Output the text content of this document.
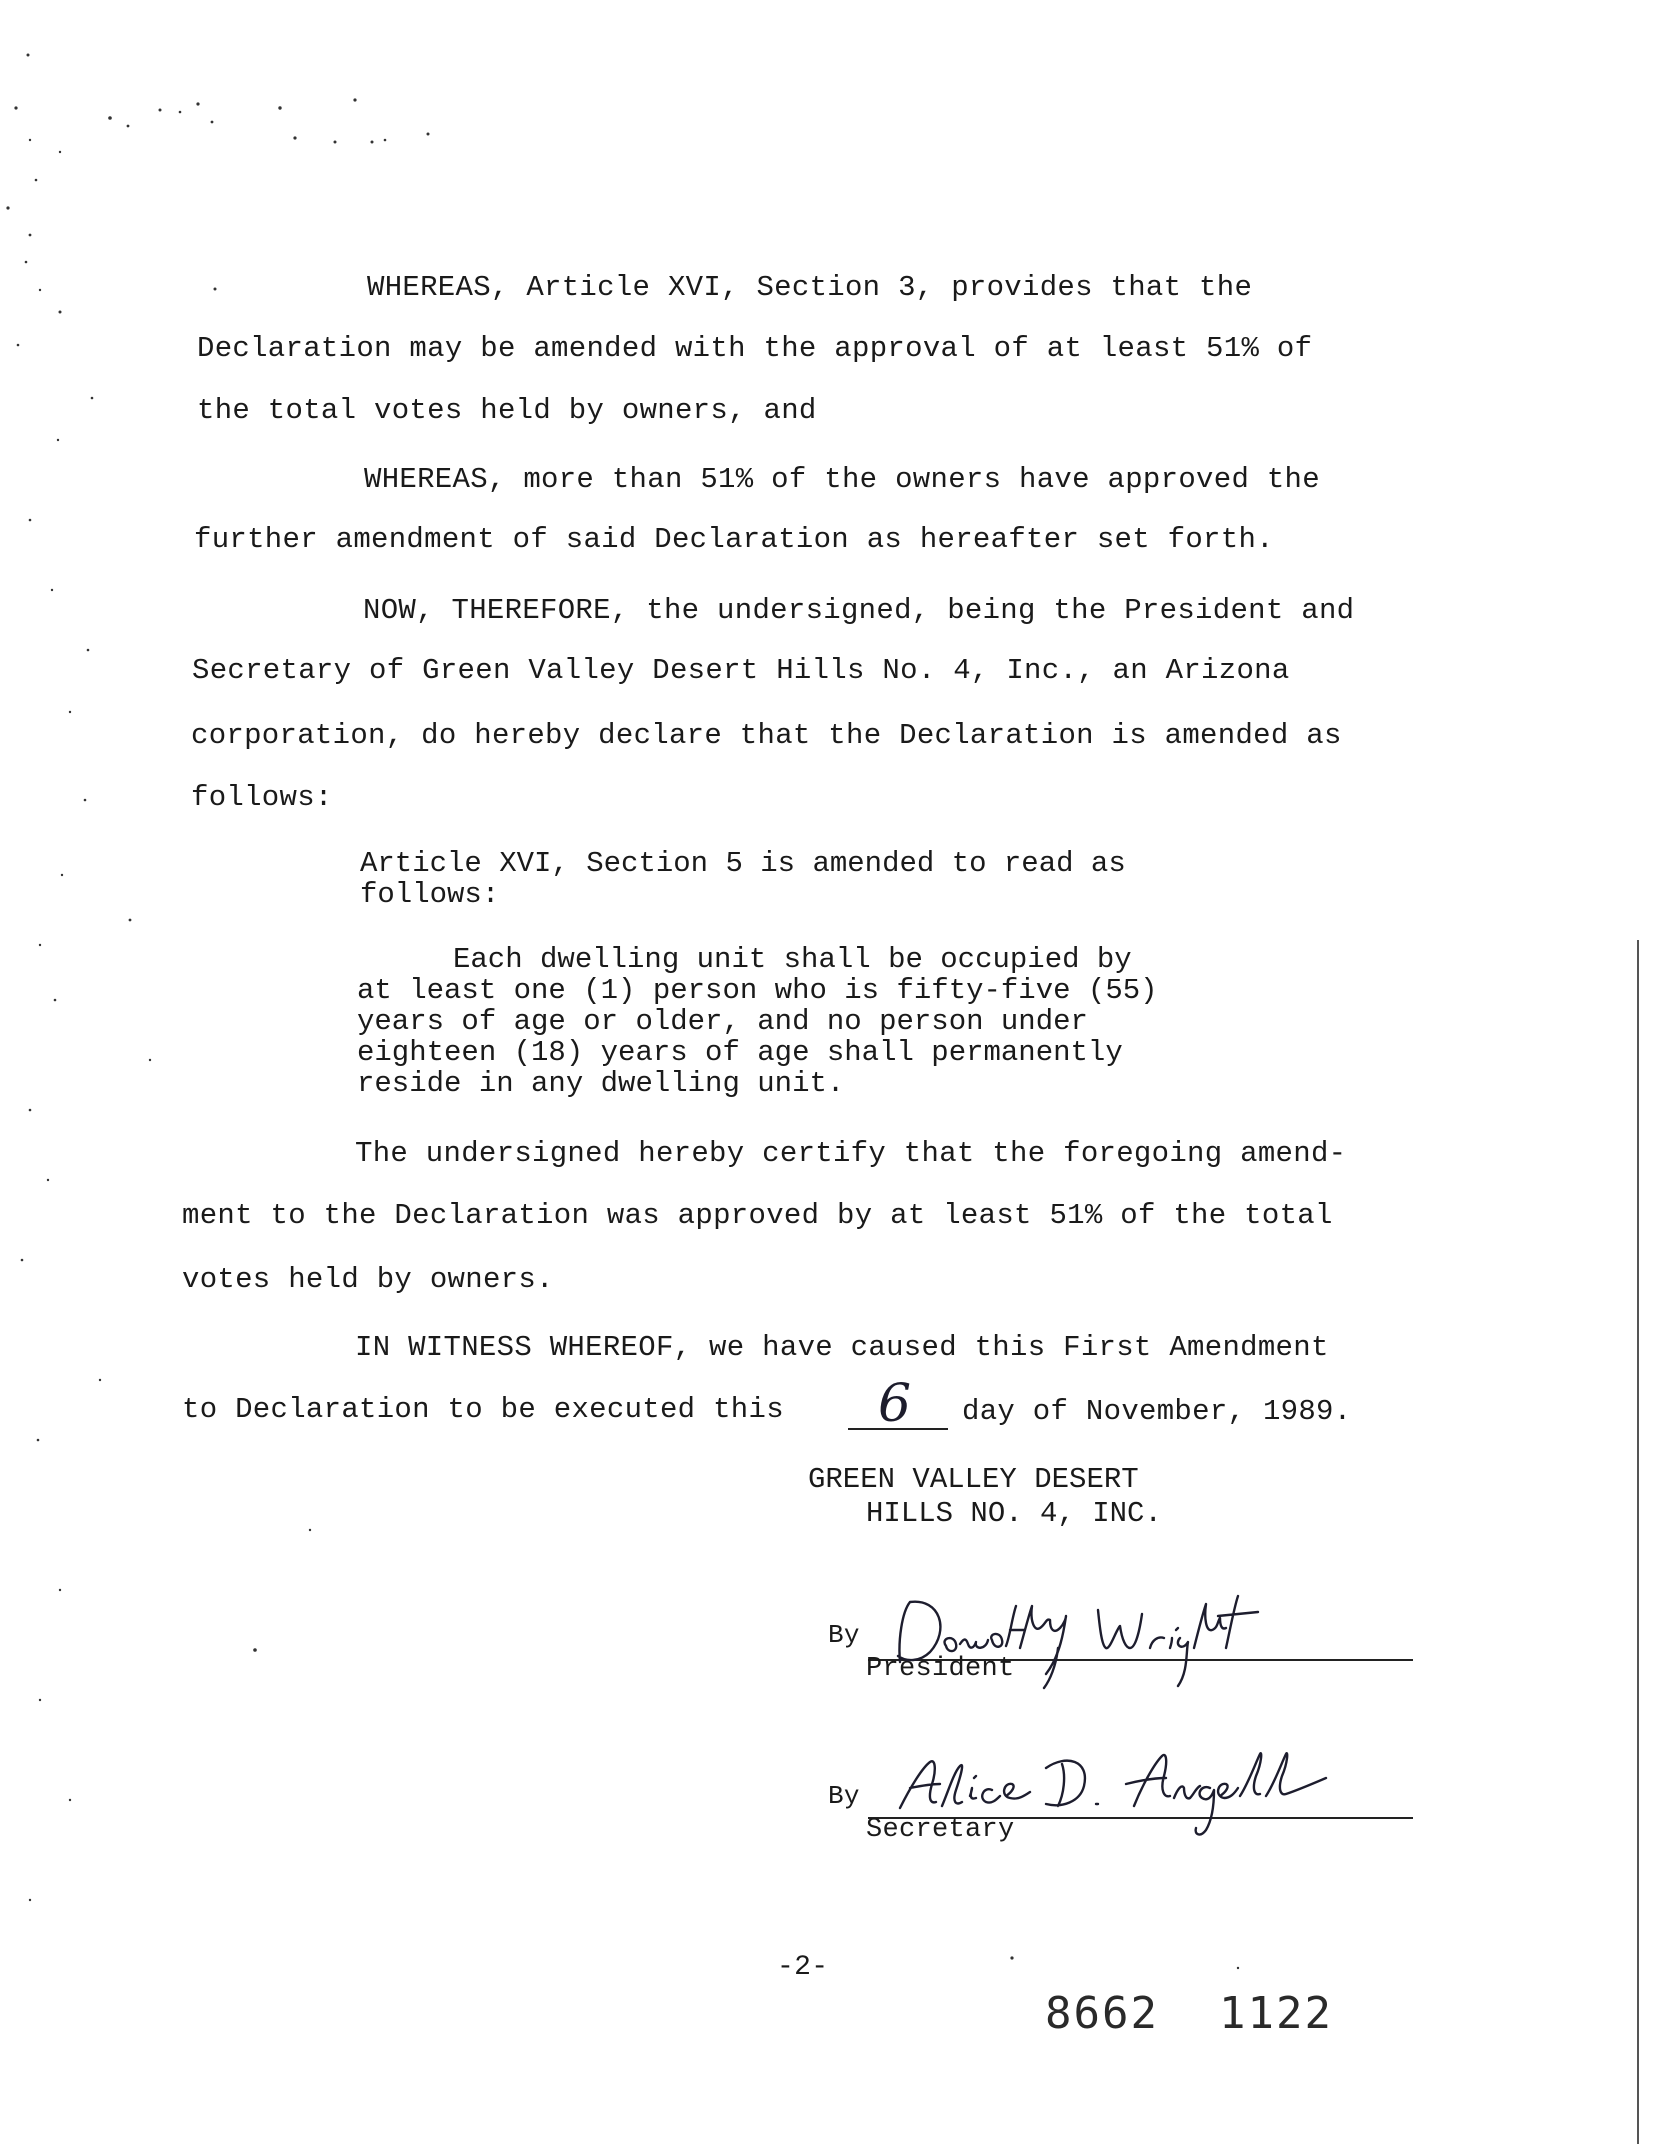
WHEREAS, Article XVI, Section 3, provides that the
Declaration may be amended with the approval of at least 51% of
the total votes held by owners, and
WHEREAS, more than 51% of the owners have approved the
further amendment of said Declaration as hereafter set forth.
NOW, THEREFORE, the undersigned, being the President and
Secretary of Green Valley Desert Hills No. 4, Inc., an Arizona
corporation, do hereby declare that the Declaration is amended as
follows:
Article XVI, Section 5 is amended to read as
follows:
Each dwelling unit shall be occupied by
at least one (1) person who is fifty-five (55)
years of age or older, and no person under
eighteen (18) years of age shall permanently
reside in any dwelling unit.
The undersigned hereby certify that the foregoing amend-
ment to the Declaration was approved by at least 51% of the total
votes held by owners.
IN WITNESS WHEREOF, we have caused this First Amendment
to Declaration to be executed this 6 day of November, 1989.
GREEN VALLEY DESERT
HILLS NO. 4, INC.
By
President
By
Secretary
-2-
8662 1122
